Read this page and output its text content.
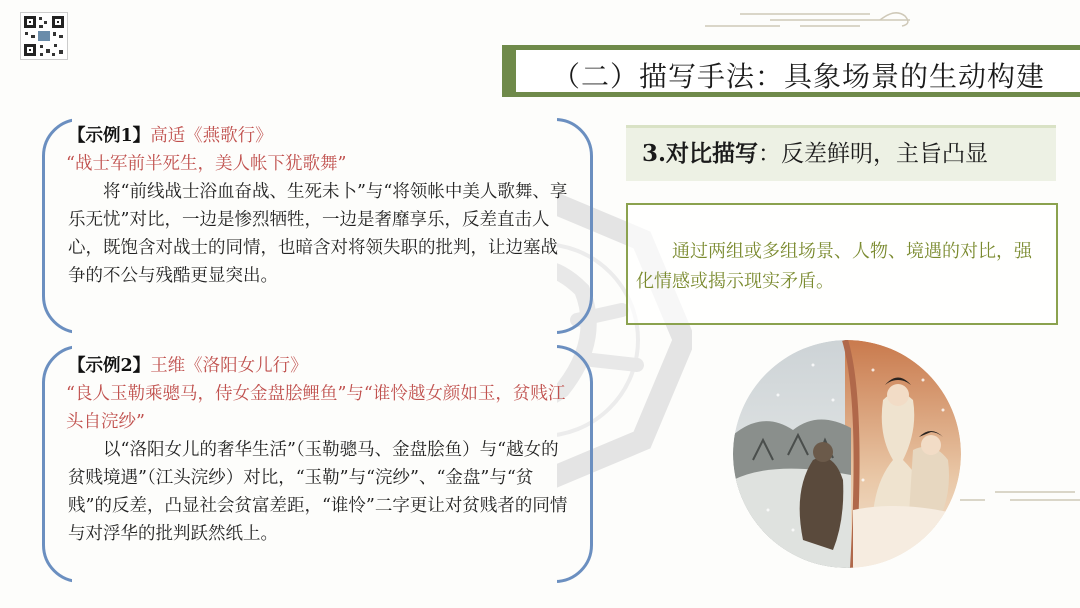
（二）描写手法：具象场景的生动构建
【示例1】高适《燕歌行》
“战士军前半死生，美人帐下犹歌舞”
将“前线战士浴血奋战、生死未卜”与“将领帐中美人歌舞、享乐无忧”对比，一边是惨烈牺牲，一边是奢靡享乐，反差直击人心，既饱含对战士的同情，也暗含对将领失职的批判，让边塞战争的不公与残酷更显突出。
【示例2】王维《洛阳女儿行》
“良人玉勒乘骢马，侍女金盘脍鲤鱼”与“谁怜越女颜如玉，贫贱江头自浣纱”
以“洛阳女儿的奢华生活”（玉勒骢马、金盘脍鱼）与“越女的贫贱境遇”（江头浣纱）对比，“玉勒”与“浣纱”、“金盘”与“贫贱”的反差，凸显社会贫富差距，“谁怜”二字更让对贫贱者的同情与对浮华的批判跃然纸上。
3.对比描写：反差鲜明，主旨凸显
通过两组或多组场景、人物、境遇的对比，强化情感或揭示现实矛盾。
